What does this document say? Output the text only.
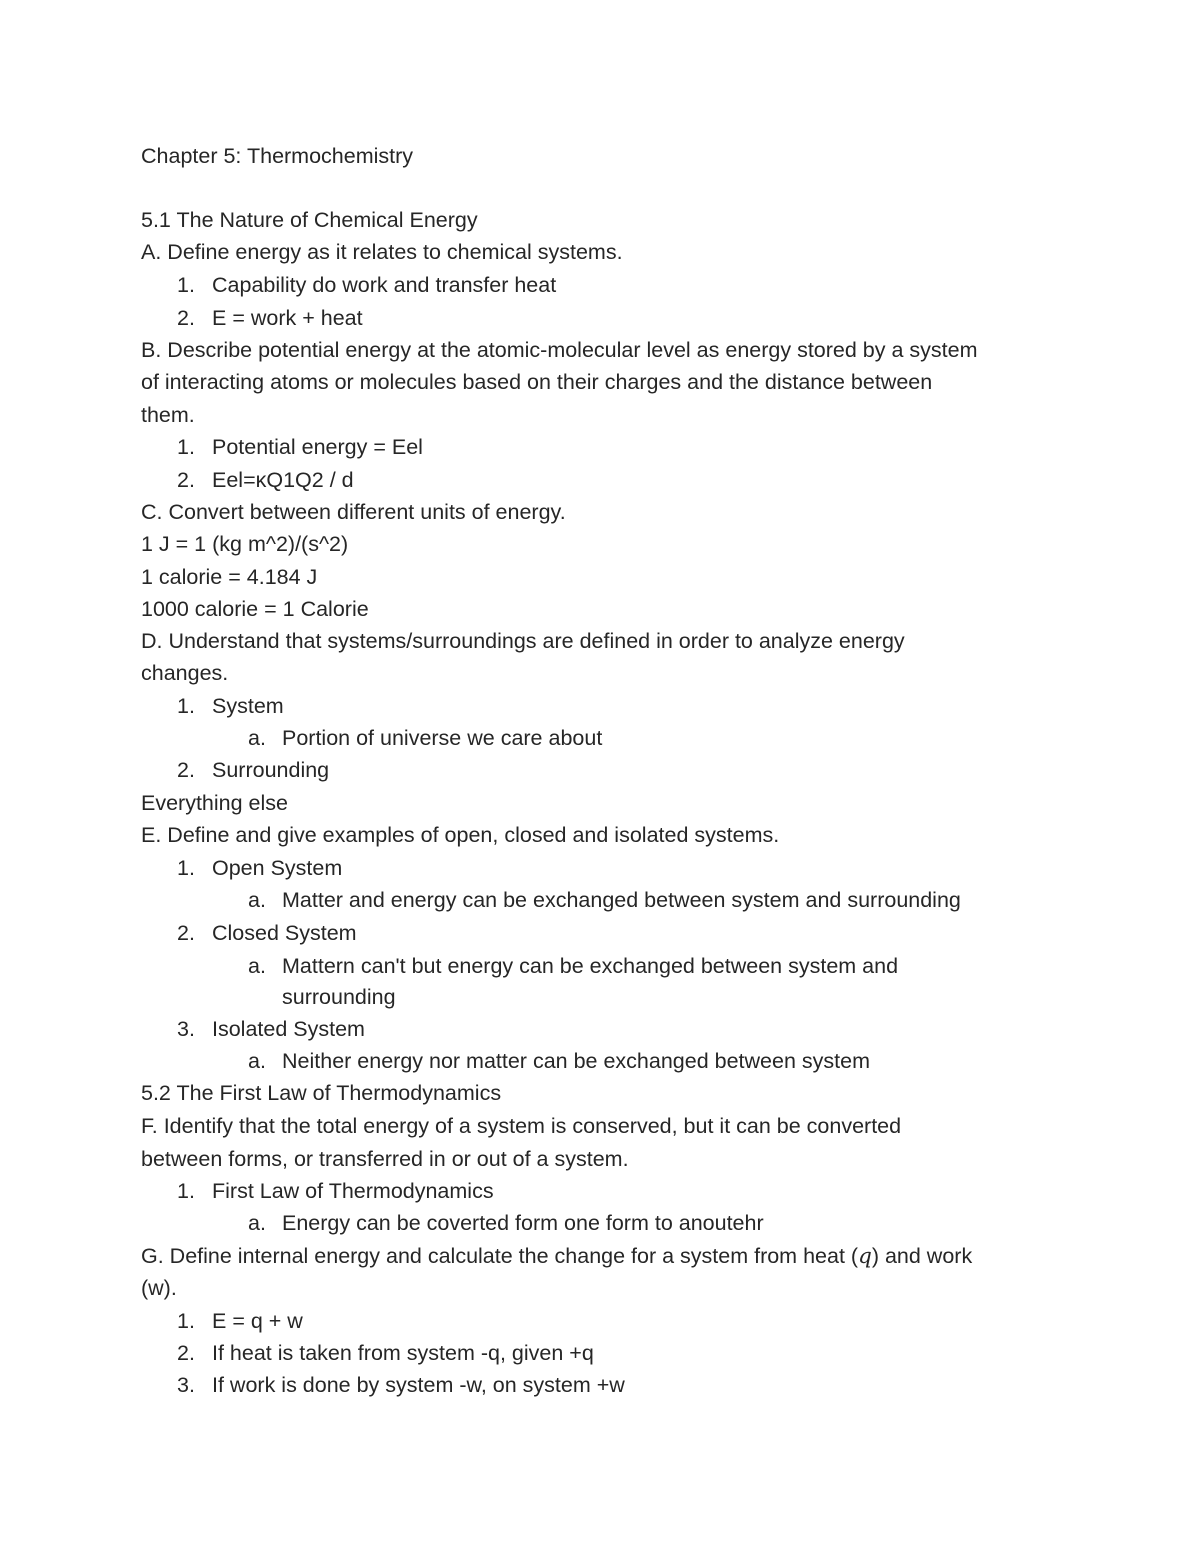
Chapter 5: Thermochemistry
5.1 The Nature of Chemical Energy
A. Define energy as it relates to chemical systems.
1. Capability do work and transfer heat
2. E = work + heat
B. Describe potential energy at the atomic-molecular level as energy stored by a system
of interacting atoms or molecules based on their charges and the distance between
them.
1. Potential energy = Eel
2. Eel=κQ1Q2 / d
C. Convert between different units of energy.
1 J = 1 (kg m^2)/(s^2)
1 calorie = 4.184 J
1000 calorie = 1 Calorie
D. Understand that systems/surroundings are defined in order to analyze energy
changes.
1. System
a. Portion of universe we care about
2. Surrounding
Everything else
E. Define and give examples of open, closed and isolated systems.
1. Open System
a. Matter and energy can be exchanged between system and surrounding
2. Closed System
a. Mattern can't but energy can be exchanged between system and
surrounding
3. Isolated System
a. Neither energy nor matter can be exchanged between system
5.2 The First Law of Thermodynamics
F. Identify that the total energy of a system is conserved, but it can be converted
between forms, or transferred in or out of a system.
1. First Law of Thermodynamics
a. Energy can be coverted form one form to anoutehr
G. Define internal energy and calculate the change for a system from heat (q) and work
(w).
1. E = q + w
2. If heat is taken from system -q, given +q
3. If work is done by system -w, on system +w
